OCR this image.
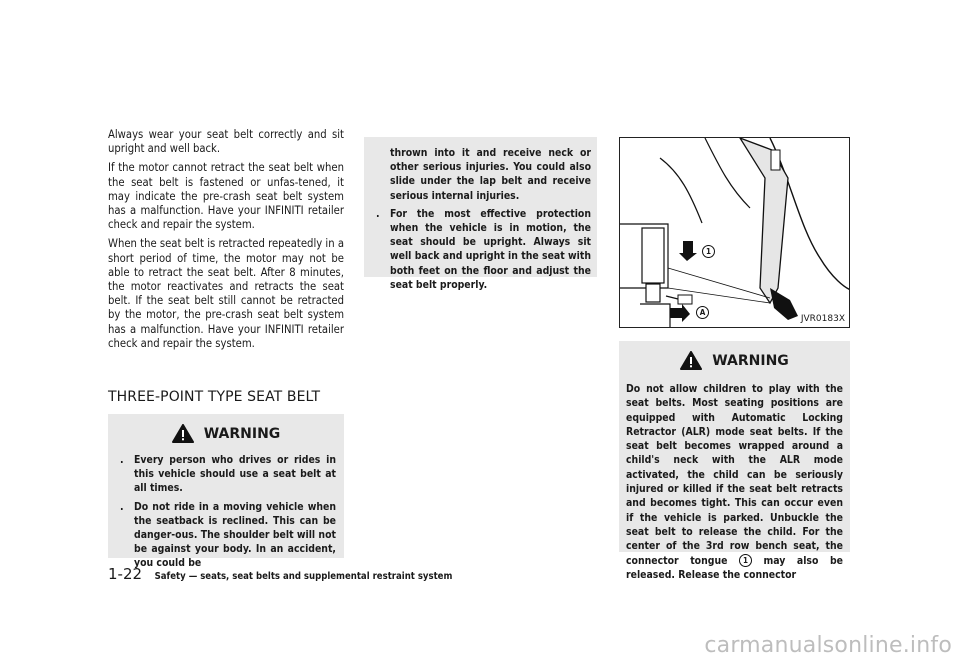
Always wear your seat belt correctly and sit upright and well back.

If the motor cannot retract the seat belt when the seat belt is fastened or unfas-tened, it may indicate the pre-crash seat belt system has a malfunction. Have your INFINITI retailer check and repair the system.

When the seat belt is retracted repeatedly in a short period of time, the motor may not be able to retract the seat belt. After 8 minutes, the motor reactivates and retracts the seat belt. If the seat belt still cannot be retracted by the motor, the pre-crash seat belt system has a malfunction. Have your INFINITI retailer check and repair the system.

THREE-POINT TYPE SEAT BELT
WARNING
. Every person who drives or rides in this vehicle should use a seat belt at all times.
. Do not ride in a moving vehicle when the seatback is reclined. This can be danger-ous. The shoulder belt will not be against your body. In an accident, you could be
thrown into it and receive neck or other serious injuries. You could also slide under the lap belt and receive serious internal injuries.
. For the most effective protection when the vehicle is in motion, the seat should be upright. Always sit well back and upright in the seat with both feet on the floor and adjust the seat belt properly.
1
A
JVR0183X
WARNING

Do not allow children to play with the seat belts. Most seating positions are equipped with Automatic Locking Retractor (ALR) mode seat belts. If the seat belt becomes wrapped around a child's neck with the ALR mode activated, the child can be seriously injured or killed if the seat belt retracts and becomes tight. This can occur even if the vehicle is parked. Unbuckle the seat belt to release the child. For the center of the 3rd row bench seat, the connector tongue 1 may also be released. Release the connector

1-22 Safety — seats, seat belts and supplemental restraint system
carmanualsonline.info
